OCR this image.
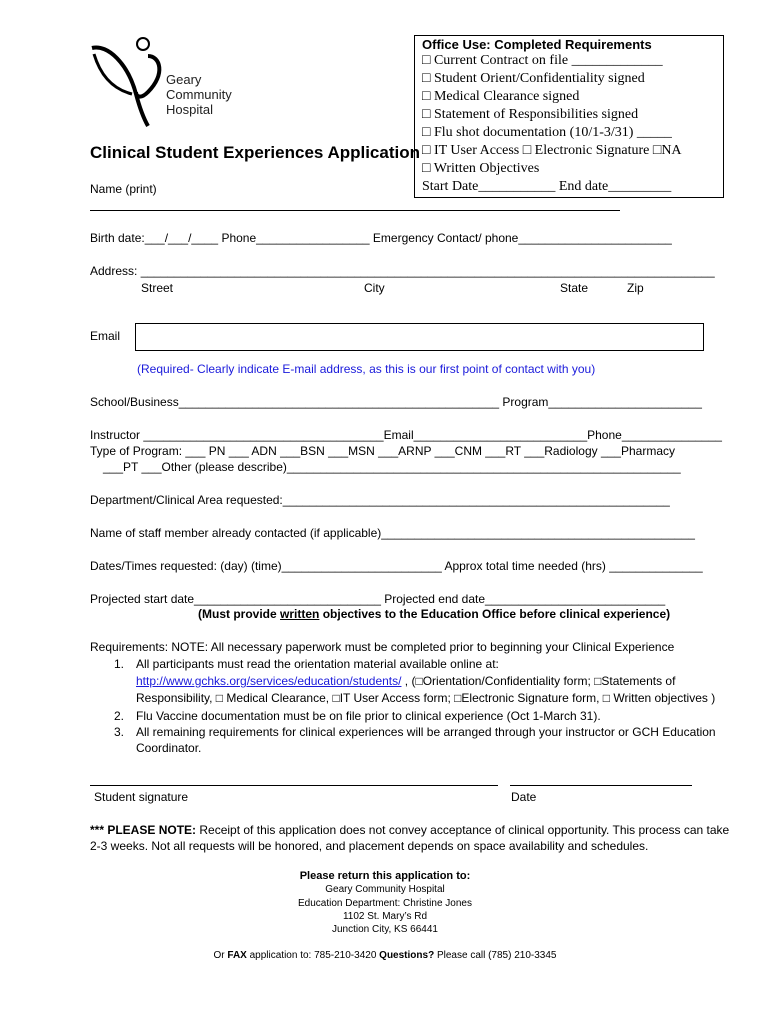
Geary
Community
Hospital
Clinical Student Experiences Application
Office Use: Completed Requirements
□ Current Contract on file _____________
□ Student Orient/Confidentiality signed
□ Medical Clearance signed
□ Statement of Responsibilities signed
□ Flu shot documentation (10/1-3/31) _____
□ IT User Access □ Electronic Signature □NA
□ Written Objectives
Start Date___________ End date_________
Name (print)
Birth date:___/___/____ Phone_________________ Emergency Contact/ phone_______________________
Address: ______________________________________________________________________________________
Street	City	State	Zip
Email
(Required- Clearly indicate E-mail address, as this is our first point of contact with you)
School/Business________________________________________________ Program_______________________
Instructor ____________________________________Email__________________________Phone_______________
Type of Program: ___ PN ___ ADN ___BSN ___MSN ___ARNP ___CNM ___RT ___Radiology ___Pharmacy
___PT ___Other (please describe)___________________________________________________________
Department/Clinical Area requested:__________________________________________________________
Name of staff member already contacted (if applicable)_______________________________________________
Dates/Times requested: (day) (time)________________________ Approx total time needed (hrs) ______________
Projected start date____________________________ Projected end date___________________________
(Must provide written objectives to the Education Office before clinical experience)
Requirements: NOTE: All necessary paperwork must be completed prior to beginning your Clinical Experience
1. All participants must read the orientation material available online at:
http://www.gchks.org/services/education/students/ , (□Orientation/Confidentiality form; □Statements of
Responsibility, □ Medical Clearance, □IT User Access form; □Electronic Signature form, □ Written objectives )
2. Flu Vaccine documentation must be on file prior to clinical experience (Oct 1-March 31).
3. All remaining requirements for clinical experiences will be arranged through your instructor or GCH Education
Coordinator.
Student signature	Date
*** PLEASE NOTE: Receipt of this application does not convey acceptance of clinical opportunity. This process can take
2-3 weeks. Not all requests will be honored, and placement depends on space availability and schedules.
Please return this application to:
Geary Community Hospital
Education Department: Christine Jones
1102 St. Mary’s Rd
Junction City, KS 66441
Or FAX application to: 785-210-3420 Questions? Please call (785) 210-3345
